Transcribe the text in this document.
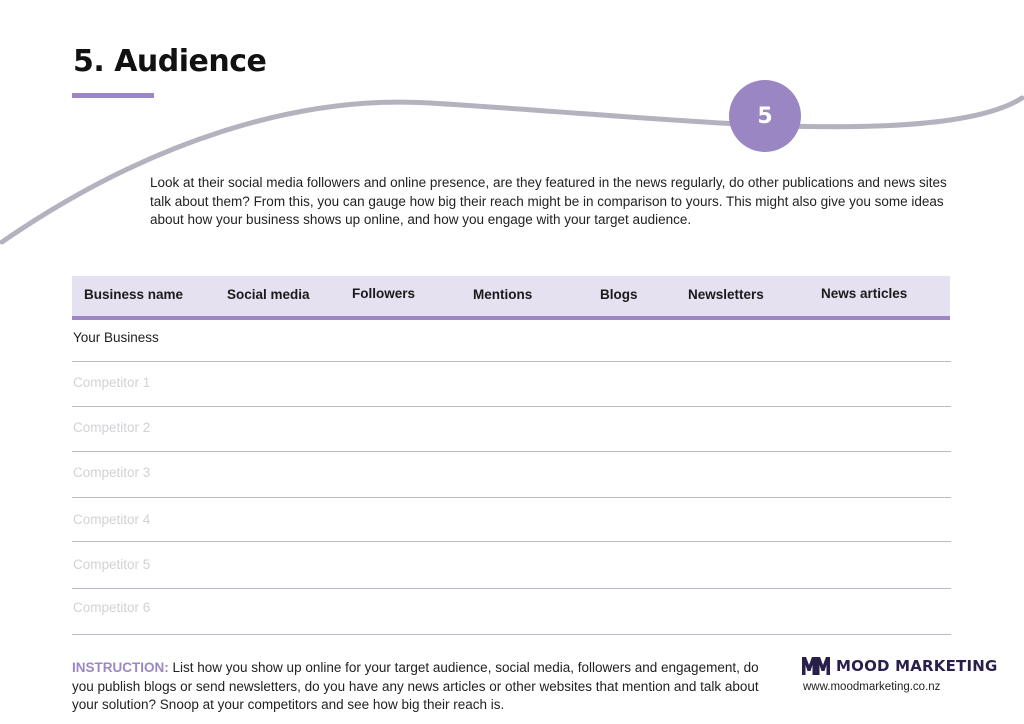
5. Audience
5

Look at their social media followers and online presence, are they featured in the news regularly, do other publications and news sites talk about them? From this, you can gauge how big their reach might be in comparison to yours. This might also give you some ideas about how your business shows up online, and how you engage with your target audience.

Business name	Social media	Followers	Mentions	Blogs	Newsletters	News articles
Your Business
Competitor 1
Competitor 2
Competitor 3
Competitor 4
Competitor 5
Competitor 6

INSTRUCTION: List how you show up online for your target audience, social media, followers and engagement, do you publish blogs or send newsletters, do you have any news articles or other websites that mention and talk about your solution? Snoop at your competitors and see how big their reach is.

MOOD MARKETING
www.moodmarketing.co.nz
